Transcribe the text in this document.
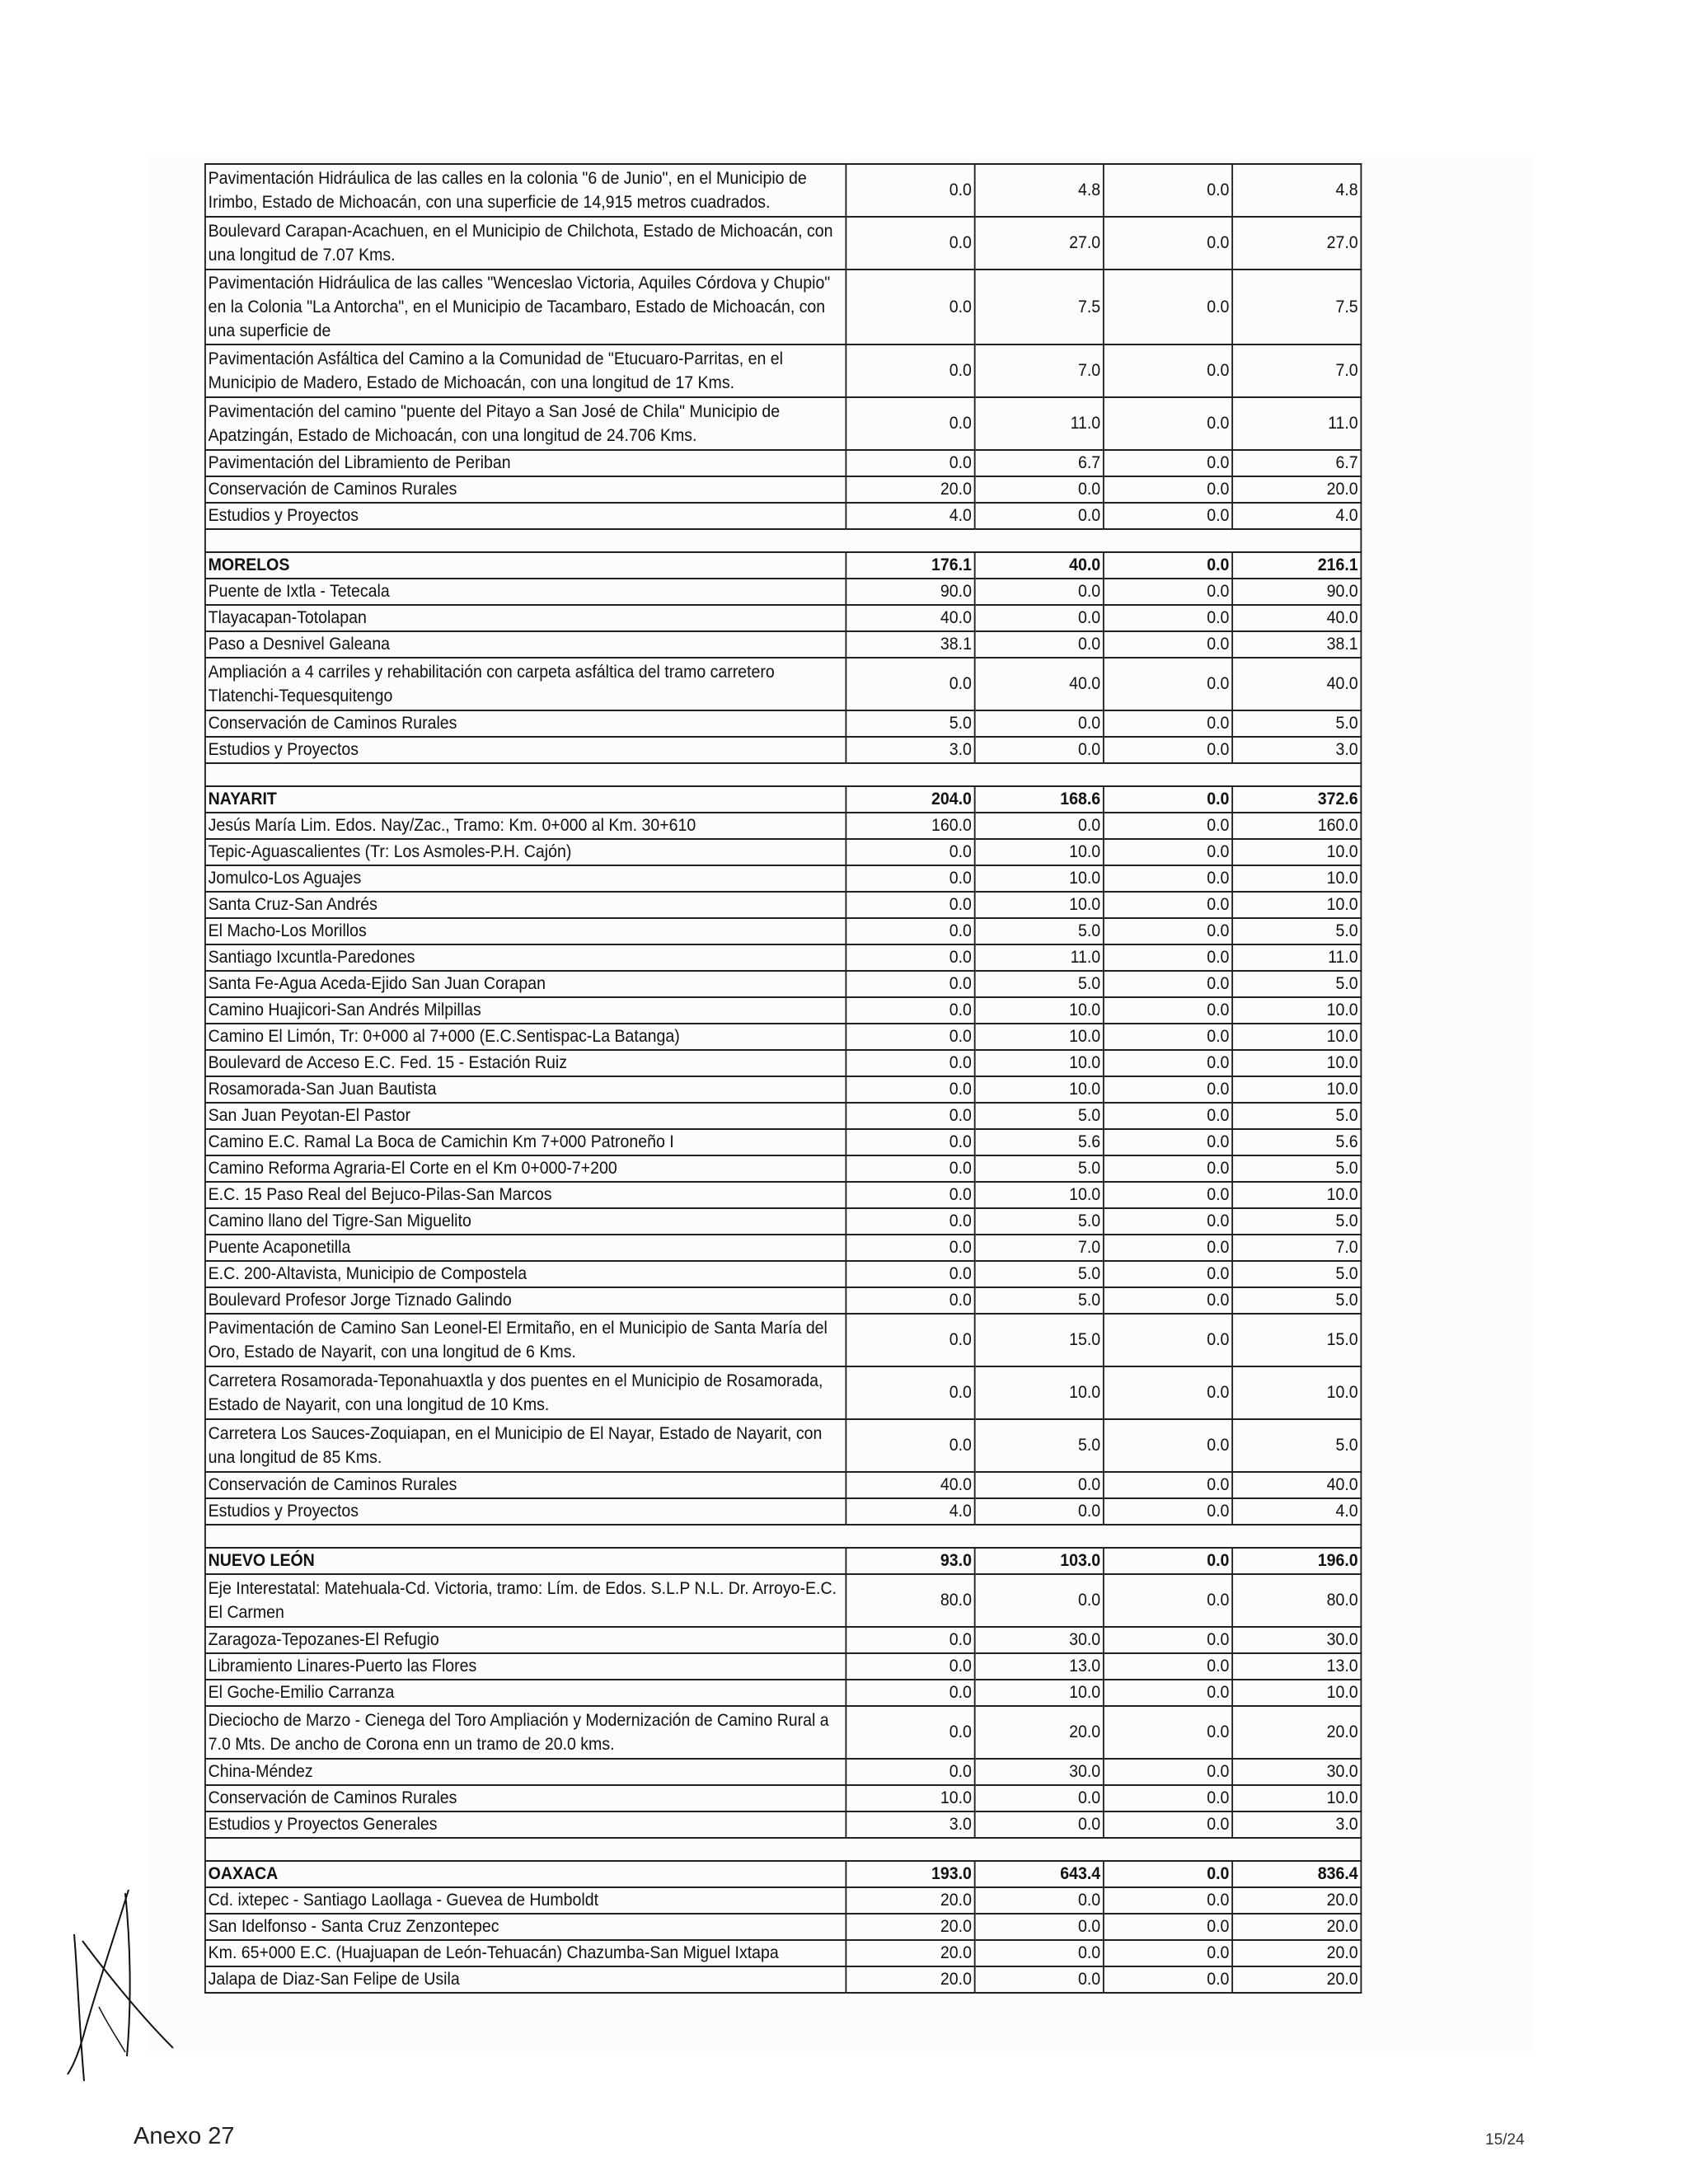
Pavimentación Hidráulica de las calles en la colonia "6 de Junio", en el Municipio de Irimbo, Estado de Michoacán, con una superficie de 14,915 metros cuadrados.	0.0	4.8	0.0	4.8
Boulevard Carapan-Acachuen, en el Municipio de Chilchota, Estado de Michoacán, con una longitud de 7.07 Kms.	0.0	27.0	0.0	27.0
Pavimentación Hidráulica de las calles "Wenceslao Victoria, Aquiles Córdova y Chupio" en la Colonia "La Antorcha", en el Municipio de Tacambaro, Estado de Michoacán, con una superficie de	0.0	7.5	0.0	7.5
Pavimentación Asfáltica del Camino a la Comunidad de "Etucuaro-Parritas, en el Municipio de Madero, Estado de Michoacán, con una longitud de 17 Kms.	0.0	7.0	0.0	7.0
Pavimentación del camino "puente del Pitayo a San José de Chila" Municipio de Apatzingán, Estado de Michoacán, con una longitud de 24.706 Kms.	0.0	11.0	0.0	11.0
Pavimentación del Libramiento de Periban	0.0	6.7	0.0	6.7
Conservación de Caminos Rurales	20.0	0.0	0.0	20.0
Estudios y Proyectos	4.0	0.0	0.0	4.0

MORELOS	176.1	40.0	0.0	216.1
Puente de Ixtla - Tetecala	90.0	0.0	0.0	90.0
Tlayacapan-Totolapan	40.0	0.0	0.0	40.0
Paso a Desnivel Galeana	38.1	0.0	0.0	38.1
Ampliación a 4 carriles y rehabilitación con carpeta asfáltica del tramo carretero Tlatenchi-Tequesquitengo	0.0	40.0	0.0	40.0
Conservación de Caminos Rurales	5.0	0.0	0.0	5.0
Estudios y Proyectos	3.0	0.0	0.0	3.0

NAYARIT	204.0	168.6	0.0	372.6
Jesús María Lim. Edos. Nay/Zac., Tramo: Km. 0+000 al Km. 30+610	160.0	0.0	0.0	160.0
Tepic-Aguascalientes (Tr: Los Asmoles-P.H. Cajón)	0.0	10.0	0.0	10.0
Jomulco-Los Aguajes	0.0	10.0	0.0	10.0
Santa Cruz-San Andrés	0.0	10.0	0.0	10.0
El Macho-Los Morillos	0.0	5.0	0.0	5.0
Santiago Ixcuntla-Paredones	0.0	11.0	0.0	11.0
Santa Fe-Agua Aceda-Ejido San Juan Corapan	0.0	5.0	0.0	5.0
Camino Huajicori-San Andrés Milpillas	0.0	10.0	0.0	10.0
Camino El Limón, Tr: 0+000 al 7+000 (E.C.Sentispac-La Batanga)	0.0	10.0	0.0	10.0
Boulevard de Acceso E.C. Fed. 15 - Estación Ruiz	0.0	10.0	0.0	10.0
Rosamorada-San Juan Bautista	0.0	10.0	0.0	10.0
San Juan Peyotan-El Pastor	0.0	5.0	0.0	5.0
Camino E.C. Ramal La Boca de Camichin Km 7+000 Patroneño I	0.0	5.6	0.0	5.6
Camino Reforma Agraria-El Corte en el Km 0+000-7+200	0.0	5.0	0.0	5.0
E.C. 15 Paso Real del Bejuco-Pilas-San Marcos	0.0	10.0	0.0	10.0
Camino llano del Tigre-San Miguelito	0.0	5.0	0.0	5.0
Puente Acaponetilla	0.0	7.0	0.0	7.0
E.C. 200-Altavista, Municipio de Compostela	0.0	5.0	0.0	5.0
Boulevard Profesor Jorge Tiznado Galindo	0.0	5.0	0.0	5.0
Pavimentación de Camino San Leonel-El Ermitaño, en el Municipio de Santa María del Oro, Estado de Nayarit, con una longitud de 6 Kms.	0.0	15.0	0.0	15.0
Carretera Rosamorada-Teponahuaxtla y dos puentes en el Municipio de Rosamorada, Estado de Nayarit, con una longitud de 10 Kms.	0.0	10.0	0.0	10.0
Carretera Los Sauces-Zoquiapan, en el Municipio de El Nayar, Estado de Nayarit, con una longitud de 85 Kms.	0.0	5.0	0.0	5.0
Conservación de Caminos Rurales	40.0	0.0	0.0	40.0
Estudios y Proyectos	4.0	0.0	0.0	4.0

NUEVO LEÓN	93.0	103.0	0.0	196.0
Eje Interestatal: Matehuala-Cd. Victoria, tramo: Lím. de Edos. S.L.P N.L. Dr. Arroyo-E.C. El Carmen	80.0	0.0	0.0	80.0
Zaragoza-Tepozanes-El Refugio	0.0	30.0	0.0	30.0
Libramiento Linares-Puerto las Flores	0.0	13.0	0.0	13.0
El Goche-Emilio Carranza	0.0	10.0	0.0	10.0
Dieciocho de Marzo - Cienega del Toro Ampliación y Modernización de Camino Rural a 7.0 Mts. De ancho de Corona enn un tramo de 20.0 kms.	0.0	20.0	0.0	20.0
China-Méndez	0.0	30.0	0.0	30.0
Conservación de Caminos Rurales	10.0	0.0	0.0	10.0
Estudios y Proyectos Generales	3.0	0.0	0.0	3.0

OAXACA	193.0	643.4	0.0	836.4
Cd. ixtepec - Santiago Laollaga - Guevea de Humboldt	20.0	0.0	0.0	20.0
San Idelfonso - Santa Cruz Zenzontepec	20.0	0.0	0.0	20.0
Km. 65+000 E.C. (Huajuapan de León-Tehuacán) Chazumba-San Miguel Ixtapa	20.0	0.0	0.0	20.0
Jalapa de Diaz-San Felipe de Usila	20.0	0.0	0.0	20.0
Anexo 27	15/24
